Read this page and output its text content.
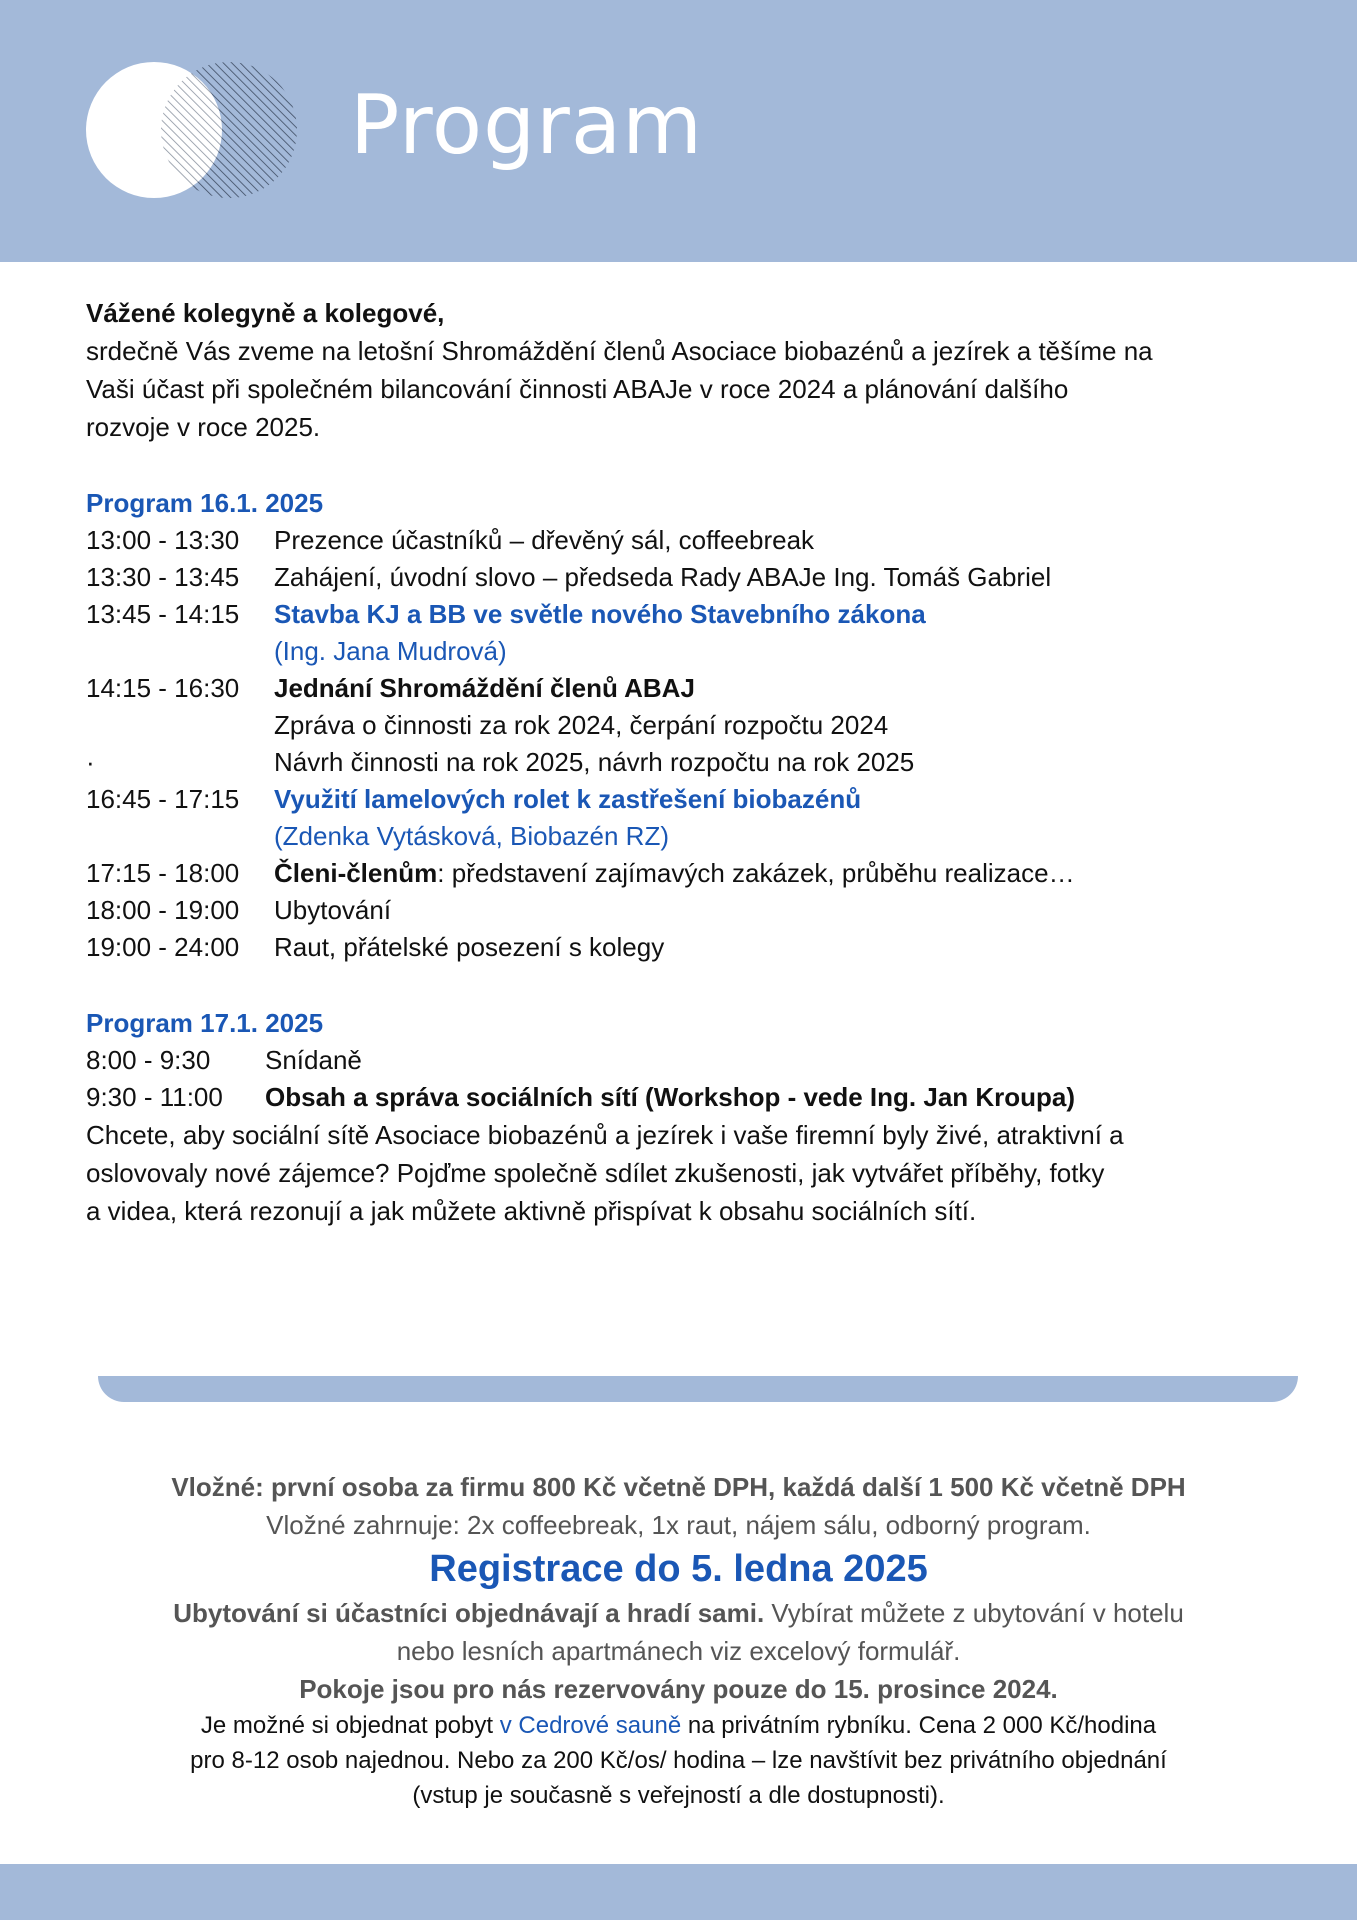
Program
Vážené kolegyně a kolegové,
srdečně Vás zveme na letošní Shromáždění členů Asociace biobazénů a jezírek a těšíme na
Vaši účast při společném bilancování činnosti ABAJe v roce 2024 a plánování dalšího
rozvoje v roce 2025.
Program 16.1. 2025
13:00 - 13:30	Prezence účastníků – dřevěný sál, coffeebreak
13:30 - 13:45	Zahájení, úvodní slovo – předseda Rady ABAJe Ing. Tomáš Gabriel
13:45 - 14:15	Stavba KJ a BB ve světle nového Stavebního zákona
(Ing. Jana Mudrová)
14:15 - 16:30	Jednání Shromáždění členů ABAJ
Zpráva o činnosti za rok 2024, čerpání rozpočtu 2024
·	Návrh činnosti na rok 2025, návrh rozpočtu na rok 2025
16:45 - 17:15	Využití lamelových rolet k zastřešení biobazénů
(Zdenka Vytásková, Biobazén RZ)
17:15 - 18:00	Členi-členům: představení zajímavých zakázek, průběhu realizace…
18:00 - 19:00	Ubytování
19:00 - 24:00	Raut, přátelské posezení s kolegy
Program 17.1. 2025
8:00 - 9:30	Snídaně
9:30 - 11:00	Obsah a správa sociálních sítí (Workshop - vede Ing. Jan Kroupa)
Chcete, aby sociální sítě Asociace biobazénů a jezírek i vaše firemní byly živé, atraktivní a
oslovovaly nové zájemce? Pojďme společně sdílet zkušenosti, jak vytvářet příběhy, fotky
a videa, která rezonují a jak můžete aktivně přispívat k obsahu sociálních sítí.
Vložné: první osoba za firmu 800 Kč včetně DPH, každá další 1 500 Kč včetně DPH
Vložné zahrnuje: 2x coffeebreak, 1x raut, nájem sálu, odborný program.
Registrace do 5. ledna 2025
Ubytování si účastníci objednávají a hradí sami. Vybírat můžete z ubytování v hotelu
nebo lesních apartmánech viz excelový formulář.
Pokoje jsou pro nás rezervovány pouze do 15. prosince 2024.
Je možné si objednat pobyt v Cedrové sauně na privátním rybníku. Cena 2 000 Kč/hodina
pro 8-12 osob najednou. Nebo za 200 Kč/os/ hodina – lze navštívit bez privátního objednání
(vstup je současně s veřejností a dle dostupnosti).
